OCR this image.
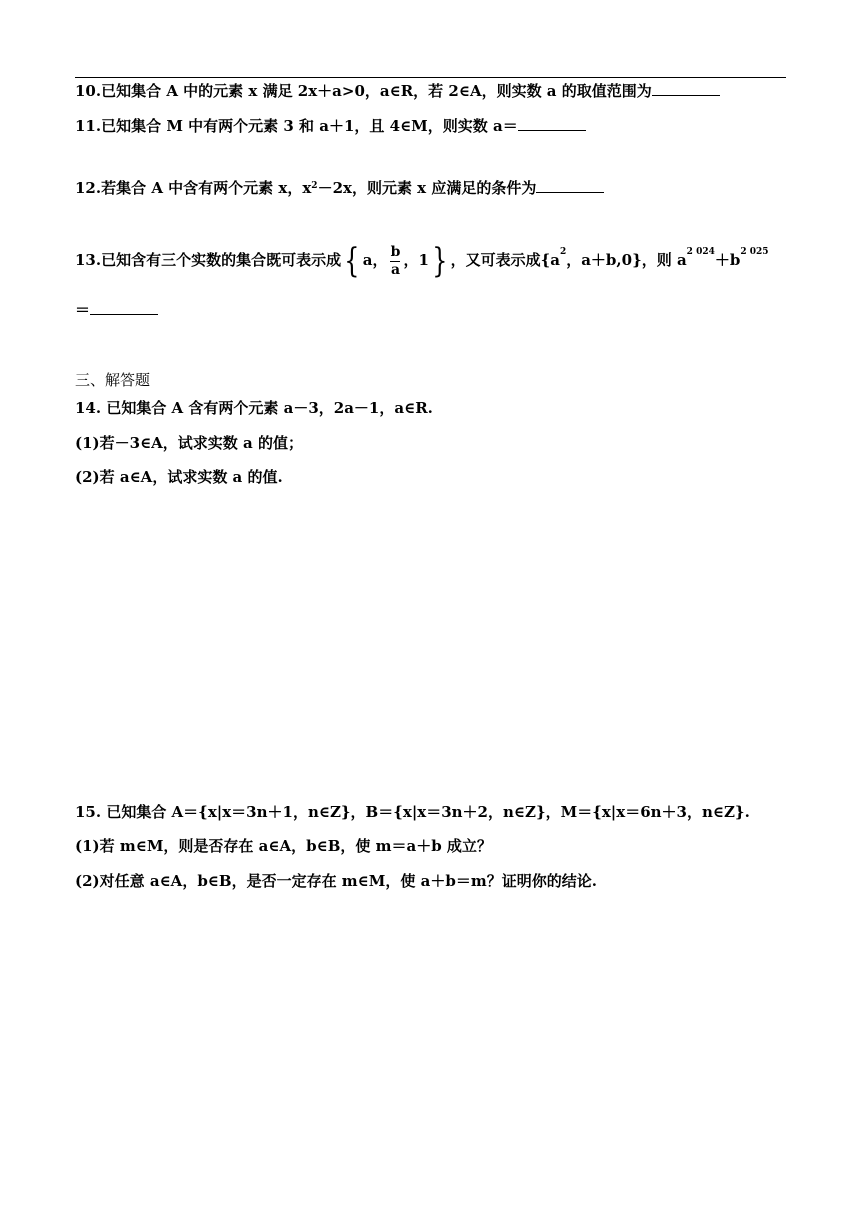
10.已知集合 A 中的元素 x 满足 2x＋a>0，a∈R，若 2∈A，则实数 a 的取值范围为
11.已知集合 M 中有两个元素 3 和 a＋1，且 4∈M，则实数 a＝
12.若集合 A 中含有两个元素 x，$x^2-2x$，则元素 x 应满足的条件为
13.已知含有三个实数的集合既可表示成{ a， $\frac{b}{a}$ ，1} ，又可表示成{$a^2$，a＋b,0}，则 $a^{2 024}+b^{2 025}$
＝
三、解答题
14. 已知集合 A 含有两个元素 a－3，2a－1，a∈R.
(1)若－3∈A，试求实数 a 的值；
(2)若 a∈A，试求实数 a 的值.
15. 已知集合 A＝{x|x＝3n＋1，n∈Z}，B＝{x|x＝3n＋2，n∈Z}，M＝{x|x＝6n＋3，n∈Z}.
(1)若 m∈M，则是否存在 a∈A，b∈B，使 m＝a＋b 成立？
(2)对任意 a∈A，b∈B，是否一定存在 m∈M，使 a＋b＝m？证明你的结论.
